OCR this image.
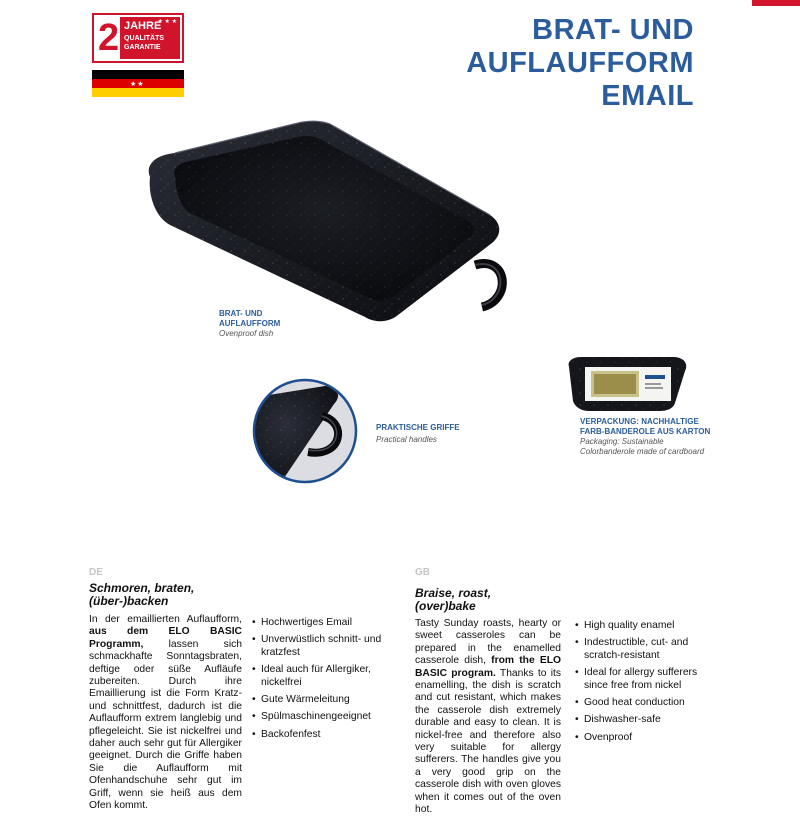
2 JAHRE
QUALITÄTS
GARANTIE
★ ★ ★
★★
BRAT- UND
AUFLAUFFORM
EMAIL
BRAT- UND
AUFLAUFFORM
Ovenproof dish
PRAKTISCHE GRIFFE
Practical handles
VERPACKUNG: NACHHALTIGE
FARB-BANDEROLE AUS KARTON
Packaging: Sustainable
Colorbanderole made of cardboard
DE
Schmoren, braten,
(über-)backen
In der emaillierten Auflaufform, aus dem ELO BASIC Programm, lassen sich schmackhafte Sonntagsbraten, deftige oder süße Aufläufe zubereiten. Durch ihre Emaillierung ist die Form Kratz- und schnittfest, dadurch ist die Auflaufform extrem langlebig und pflegeleicht. Sie ist nickelfrei und daher auch sehr gut für Allergiker geeignet. Durch die Griffe haben Sie die Auflaufform mit Ofenhandschuhe sehr gut im Griff, wenn sie heiß aus dem Ofen kommt.
• Hochwertiges Email
• Unverwüstlich schnitt- und kratzfest
• Ideal auch für Allergiker, nickelfrei
• Gute Wärmeleitung
• Spülmaschinengeeignet
• Backofenfest
GB
Braise, roast,
(over)bake
Tasty Sunday roasts, hearty or sweet casseroles can be prepared in the enamelled casserole dish, from the ELO BASIC program. Thanks to its enamelling, the dish is scratch and cut resistant, which makes the casserole dish extremely durable and easy to clean. It is nickel-free and therefore also very suitable for allergy sufferers. The handles give you a very good grip on the casserole dish with oven gloves when it comes out of the oven hot.
• High quality enamel
• Indestructible, cut- and scratch-resistant
• Ideal for allergy sufferers since free from nickel
• Good heat conduction
• Dishwasher-safe
• Ovenproof
